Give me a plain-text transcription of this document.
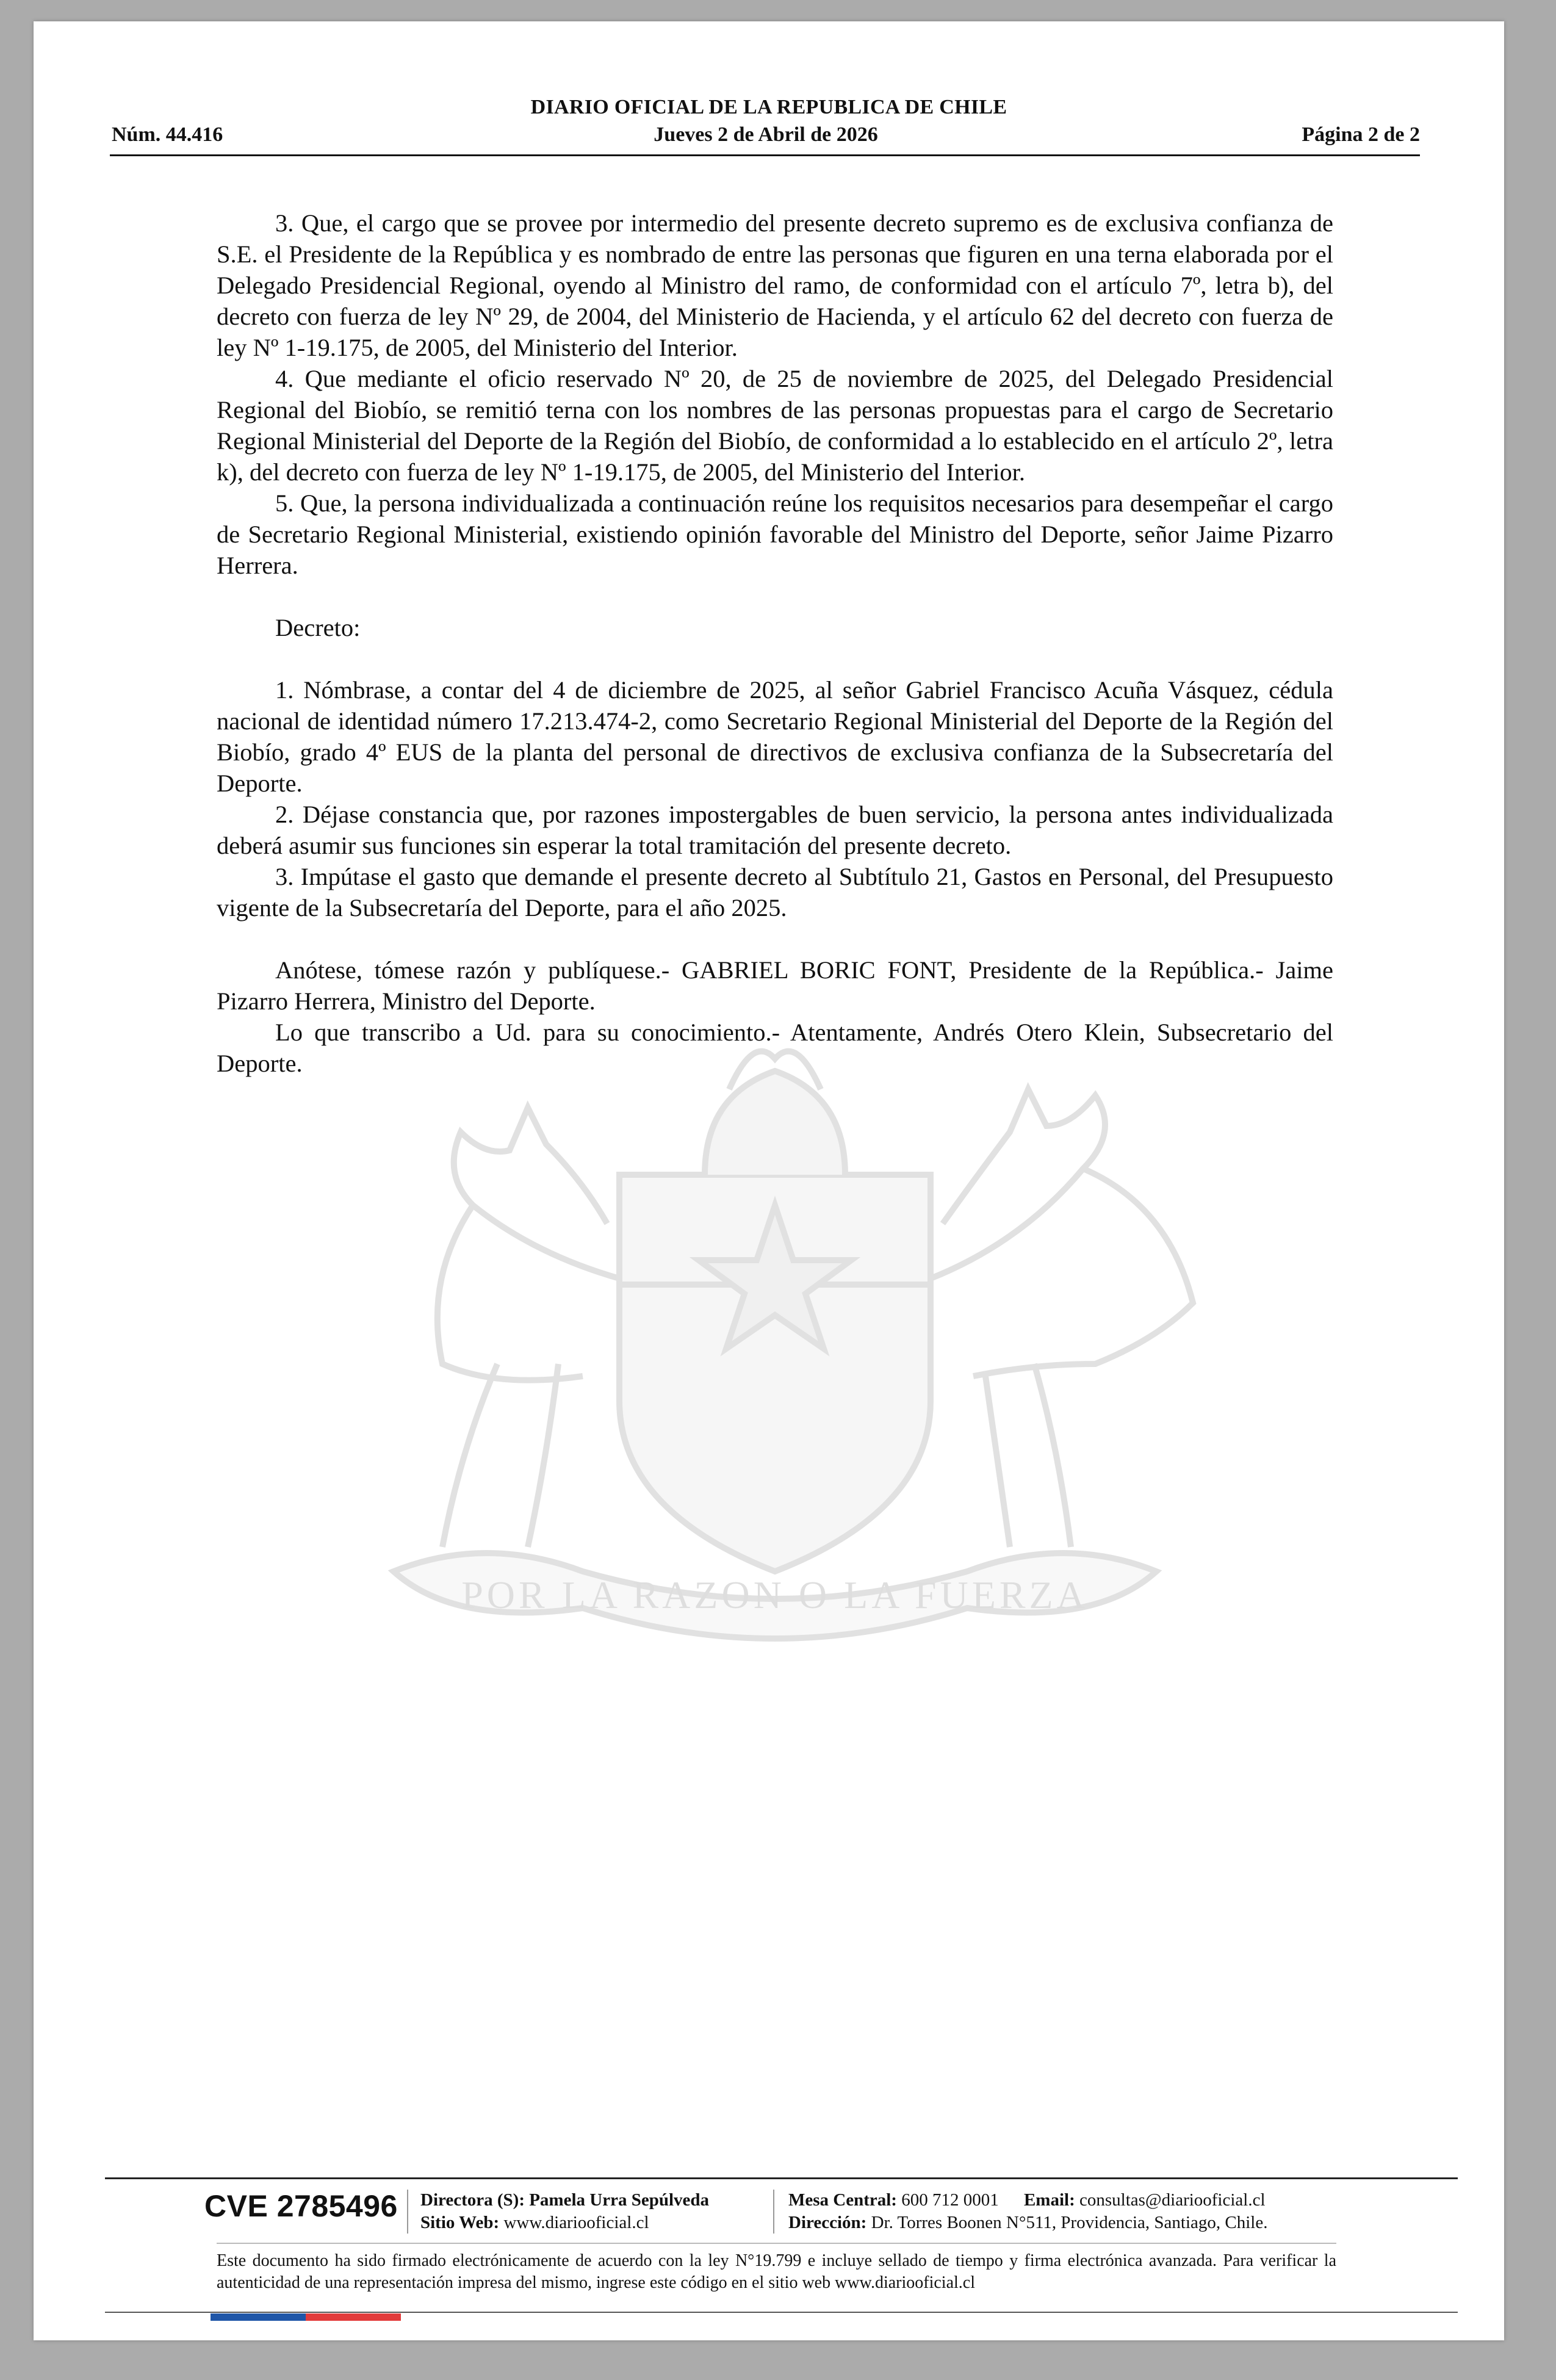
DIARIO OFICIAL DE LA REPUBLICA DE CHILE
Jueves 2 de Abril de 2026
Núm. 44.416	Página 2 de 2
POR LA RAZON O LA FUERZA

3. Que, el cargo que se provee por intermedio del presente decreto supremo es de exclusiva confianza de S.E. el Presidente de la República y es nombrado de entre las personas que figuren en una terna elaborada por el Delegado Presidencial Regional, oyendo al Ministro del ramo, de conformidad con el artículo 7º, letra b), del decreto con fuerza de ley Nº 29, de 2004, del Ministerio de Hacienda, y el artículo 62 del decreto con fuerza de ley Nº 1-19.175, de 2005, del Ministerio del Interior.

4. Que mediante el oficio reservado Nº 20, de 25 de noviembre de 2025, del Delegado Presidencial Regional del Biobío, se remitió terna con los nombres de las personas propuestas para el cargo de Secretario Regional Ministerial del Deporte de la Región del Biobío, de conformidad a lo establecido en el artículo 2º, letra k), del decreto con fuerza de ley Nº 1-19.175, de 2005, del Ministerio del Interior.

5. Que, la persona individualizada a continuación reúne los requisitos necesarios para desempeñar el cargo de Secretario Regional Ministerial, existiendo opinión favorable del Ministro del Deporte, señor Jaime Pizarro Herrera.

Decreto:

1. Nómbrase, a contar del 4 de diciembre de 2025, al señor Gabriel Francisco Acuña Vásquez, cédula nacional de identidad número 17.213.474-2, como Secretario Regional Ministerial del Deporte de la Región del Biobío, grado 4º EUS de la planta del personal de directivos de exclusiva confianza de la Subsecretaría del Deporte.

2. Déjase constancia que, por razones impostergables de buen servicio, la persona antes individualizada deberá asumir sus funciones sin esperar la total tramitación del presente decreto.

3. Impútase el gasto que demande el presente decreto al Subtítulo 21, Gastos en Personal, del Presupuesto vigente de la Subsecretaría del Deporte, para el año 2025.

Anótese, tómese razón y publíquese.- GABRIEL BORIC FONT, Presidente de la República.- Jaime Pizarro Herrera, Ministro del Deporte.

Lo que transcribo a Ud. para su conocimiento.- Atentamente, Andrés Otero Klein, Subsecretario del Deporte.

CVE 2785496 Directora (S): Pamela Urra Sepúlveda
Sitio Web: www.diariooficial.cl
Mesa Central: 600 712 0001 Email: consultas@diariooficial.cl
Dirección: Dr. Torres Boonen N°511, Providencia, Santiago, Chile.
Este documento ha sido firmado electrónicamente de acuerdo con la ley N°19.799 e incluye sellado de tiempo y firma electrónica avanzada. Para verificar la autenticidad de una representación impresa del mismo, ingrese este código en el sitio web www.diariooficial.cl
